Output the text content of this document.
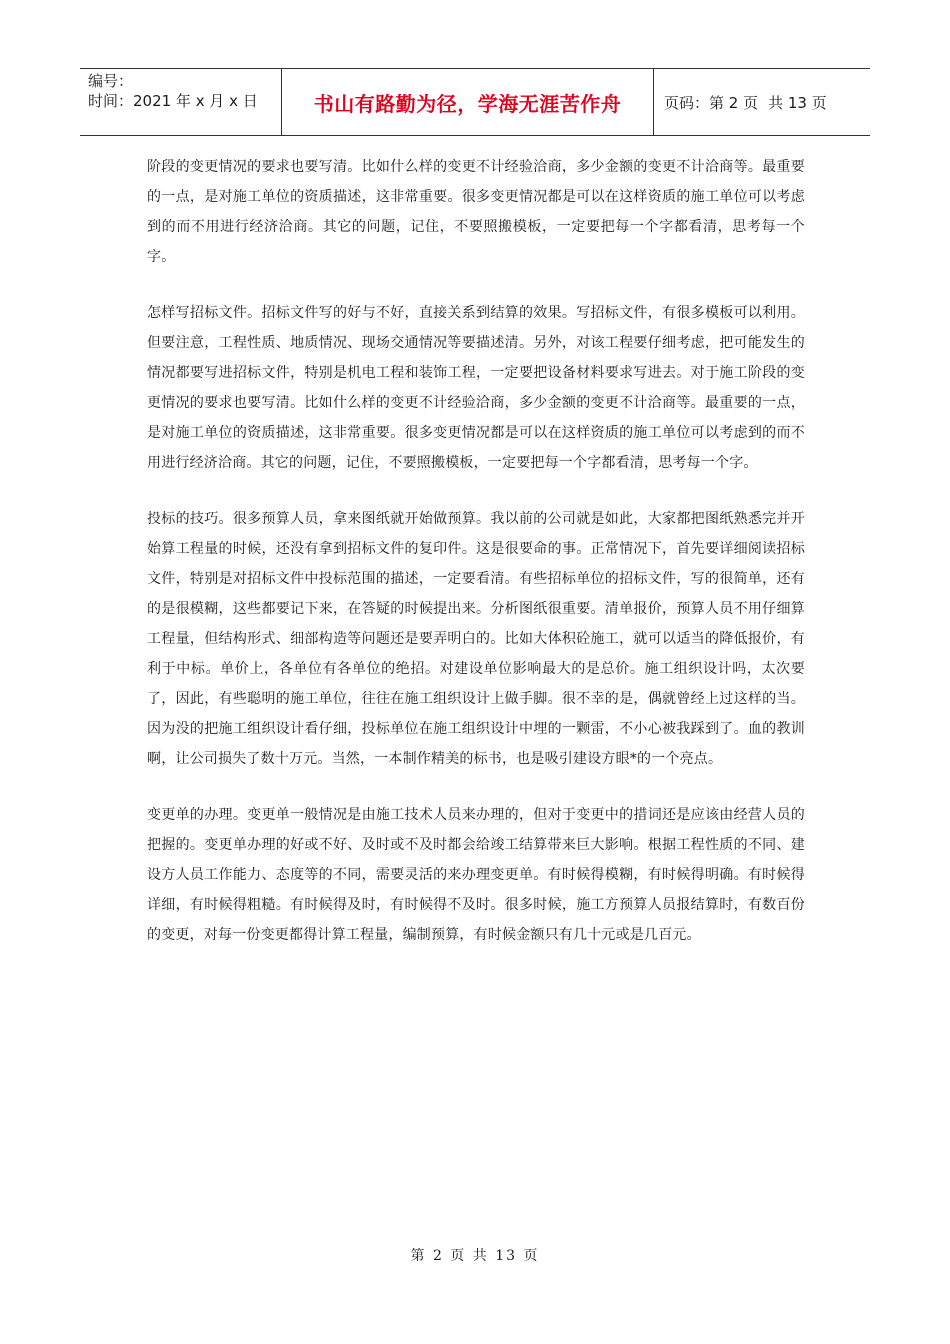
编号：
时间：2021 年 x 月 x 日	书山有路勤为径，学海无涯苦作舟	页码：第 2 页 共 13 页

阶段的变更情况的要求也要写清。比如什么样的变更不计经验洽商，多少金额的变更不计洽商等。最重要的一点，是对施工单位的资质描述，这非常重要。很多变更情况都是可以在这样资质的施工单位可以考虑到的而不用进行经济洽商。其它的问题，记住，不要照搬模板，一定要把每一个字都看清，思考每一个字。

怎样写招标文件。招标文件写的好与不好，直接关系到结算的效果。写招标文件，有很多模板可以利用。但要注意，工程性质、地质情况、现场交通情况等要描述清。另外，对该工程要仔细考虑，把可能发生的情况都要写进招标文件，特别是机电工程和装饰工程，一定要把设备材料要求写进去。对于施工阶段的变更情况的要求也要写清。比如什么样的变更不计经验洽商，多少金额的变更不计洽商等。最重要的一点，是对施工单位的资质描述，这非常重要。很多变更情况都是可以在这样资质的施工单位可以考虑到的而不用进行经济洽商。其它的问题，记住，不要照搬模板，一定要把每一个字都看清，思考每一个字。

投标的技巧。很多预算人员，拿来图纸就开始做预算。我以前的公司就是如此，大家都把图纸熟悉完并开始算工程量的时候，还没有拿到招标文件的复印件。这是很要命的事。正常情况下，首先要详细阅读招标文件，特别是对招标文件中投标范围的描述，一定要看清。有些招标单位的招标文件，写的很简单，还有的是很模糊，这些都要记下来，在答疑的时候提出来。分析图纸很重要。清单报价，预算人员不用仔细算工程量，但结构形式、细部构造等问题还是要弄明白的。比如大体积砼施工，就可以适当的降低报价，有利于中标。单价上，各单位有各单位的绝招。对建设单位影响最大的是总价。施工组织设计吗，太次要了，因此，有些聪明的施工单位，往往在施工组织设计上做手脚。很不幸的是，偶就曾经上过这样的当。因为没的把施工组织设计看仔细，投标单位在施工组织设计中埋的一颗雷，不小心被我踩到了。血的教训啊，让公司损失了数十万元。当然，一本制作精美的标书，也是吸引建设方眼*的一个亮点。

变更单的办理。变更单一般情况是由施工技术人员来办理的，但对于变更中的措词还是应该由经营人员的把握的。变更单办理的好或不好、及时或不及时都会给竣工结算带来巨大影响。根据工程性质的不同、建设方人员工作能力、态度等的不同，需要灵活的来办理变更单。有时候得模糊，有时候得明确。有时候得详细，有时候得粗糙。有时候得及时，有时候得不及时。很多时候，施工方预算人员报结算时，有数百份的变更，对每一份变更都得计算工程量，编制预算，有时候金额只有几十元或是几百元。

第 2 页 共 13 页
